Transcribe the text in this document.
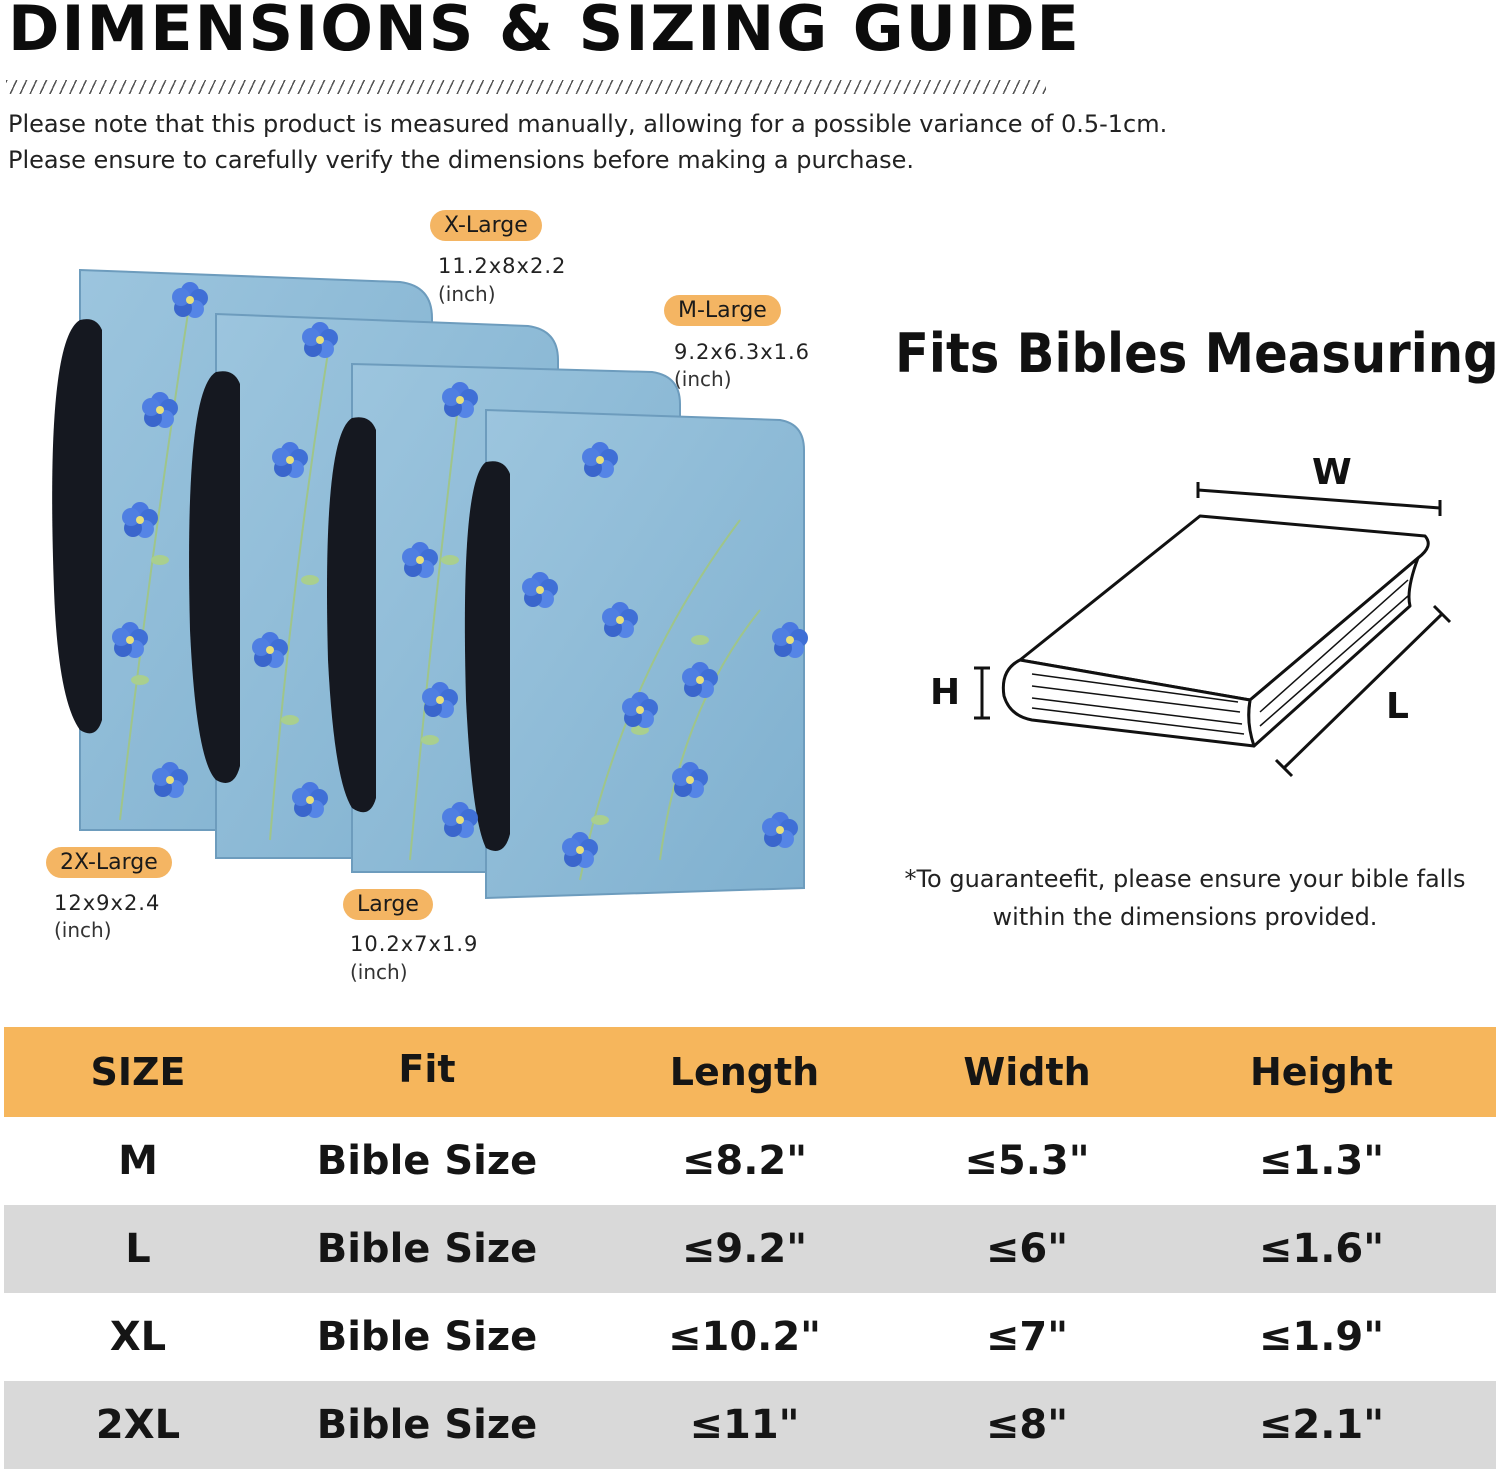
DIMENSIONS & SIZING GUIDE
Please note that this product is measured manually, allowing for a possible variance of 0.5-1cm.
Please ensure to carefully verify the dimensions before making a purchase.
X-Large
11.2x8x2.2
(inch)
M-Large
9.2x6.3x1.6
(inch)
2X-Large
12x9x2.4
(inch)
Large
10.2x7x1.9
(inch)
Fits Bibles Measuring
W
H	L
*To guaranteefit, please ensure your bible falls
within the dimensions provided.
SIZE	Fit	Length	Width	Height
M	Bible Size	≤8.2"	≤5.3"	≤1.3"
L	Bible Size	≤9.2"	≤6"	≤1.6"
XL	Bible Size	≤10.2"	≤7"	≤1.9"
2XL	Bible Size	≤11"	≤8"	≤2.1"
